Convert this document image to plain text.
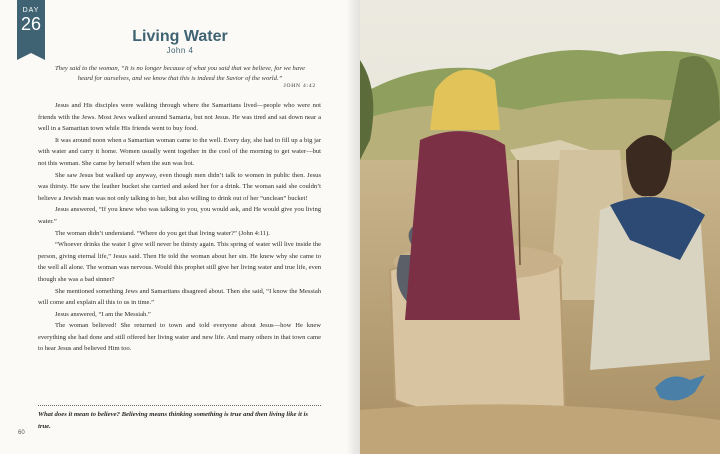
DAY
26
Living Water
John 4
They said to the woman, “It is no longer because of what you said that we believe, for we have heard for ourselves, and we know that this is indeed the Savior of the world.”
JOHN 4:42

Jesus and His disciples were walking through where the Samaritans lived—people who were not friends with the Jews. Most Jews walked around Samaria, but not Jesus. He was tired and sat down near a well in a Samaritan town while His friends went to buy food.

It was around noon when a Samaritan woman came to the well. Every day, she had to fill up a big jar with water and carry it home. Women usually went together in the cool of the morning to get water—but not this woman. She came by herself when the sun was hot.

She saw Jesus but walked up anyway, even though men didn’t talk to women in public then. Jesus was thirsty. He saw the leather bucket she carried and asked her for a drink. The woman said she couldn’t believe a Jewish man was not only talking to her, but also willing to drink out of her “unclean” bucket!

Jesus answered, “If you knew who was talking to you, you would ask, and He would give you living water.”

The woman didn’t understand. “Where do you get that living water?” (John 4:11).

“Whoever drinks the water I give will never be thirsty again. This spring of water will live inside the person, giving eternal life,” Jesus said. Then He told the woman about her sin. He knew why she came to the well all alone. The woman was nervous. Would this prophet still give her living water and true life, even though she was a bad sinner?

She mentioned something Jews and Samaritans disagreed about. Then she said, “I know the Messiah will come and explain all this to us in time.”

Jesus answered, “I am the Messiah.”

The woman believed! She returned to town and told everyone about Jesus—how He knew everything she had done and still offered her living water and new life. And many others in that town came to hear Jesus and believed Him too.

What does it mean to believe? Believing means thinking something is true and then living like it is true.
60
